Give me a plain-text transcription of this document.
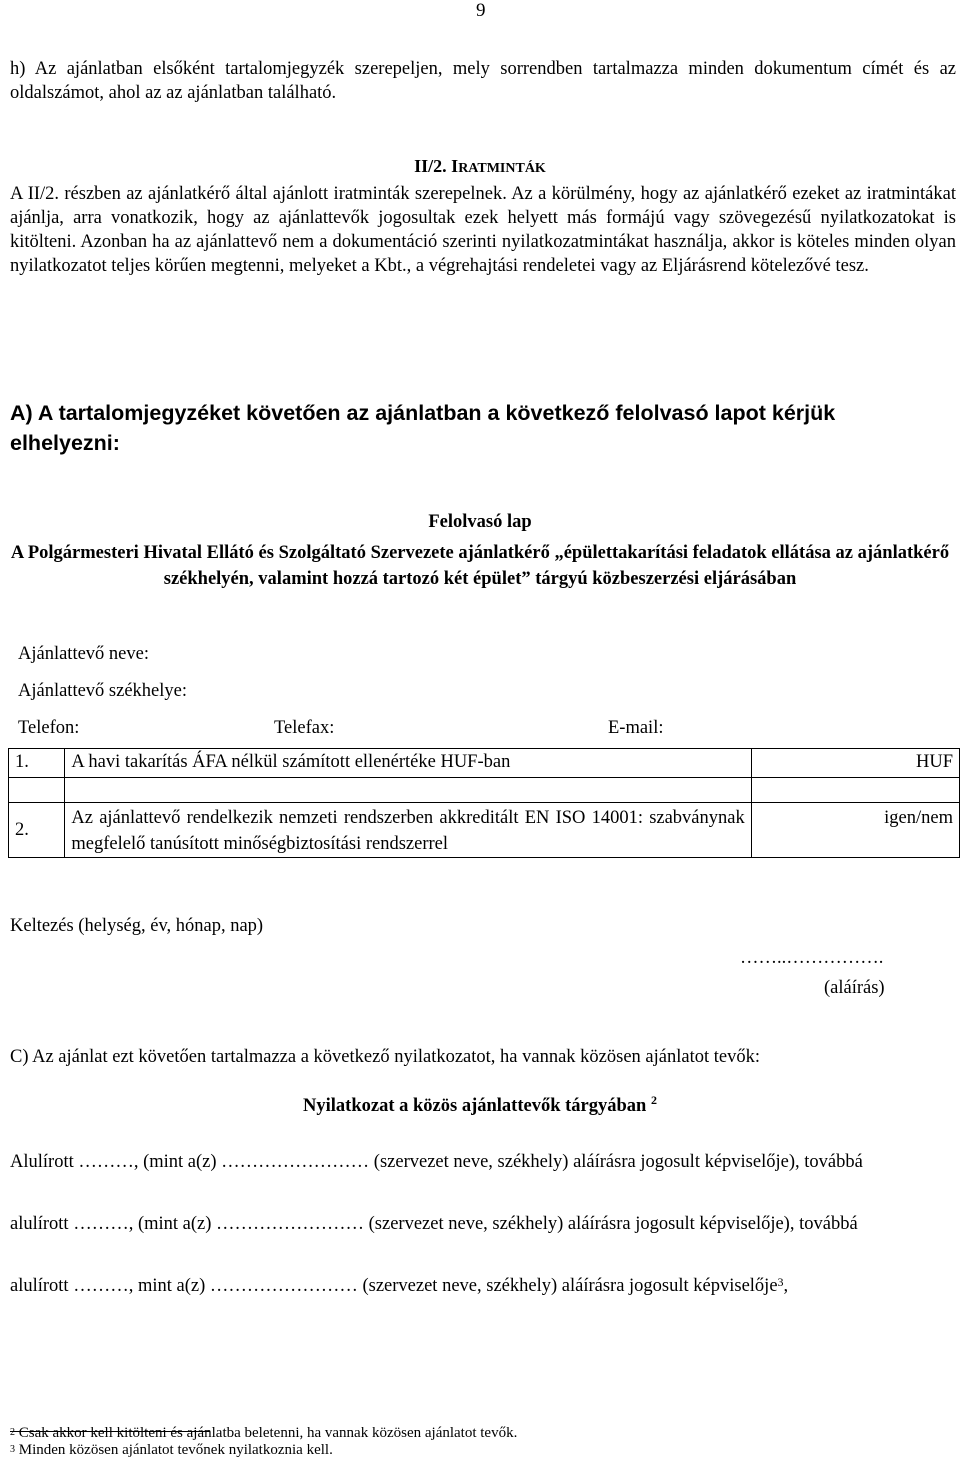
9
h) Az ajánlatban elsőként tartalomjegyzék szerepeljen, mely sorrendben tartalmazza minden dokumentum címét és az oldalszámot, ahol az az ajánlatban található.
II/2. IRATMINTÁK
A II/2. részben az ajánlatkérő által ajánlott iratminták szerepelnek. Az a körülmény, hogy az ajánlatkérő ezeket az iratmintákat ajánlja, arra vonatkozik, hogy az ajánlattevők jogosultak ezek helyett más formájú vagy szövegezésű nyilatkozatokat is kitölteni. Azonban ha az ajánlattevő nem a dokumentáció szerinti nyilatkozatmintákat használja, akkor is köteles minden olyan nyilatkozatot teljes körűen megtenni, melyeket a Kbt., a végrehajtási rendeletei vagy az Eljárásrend kötelezővé tesz.
A) A tartalomjegyzéket követően az ajánlatban a következő felolvasó lapot kérjük elhelyezni:
Felolvasó lap
A Polgármesteri Hivatal Ellátó és Szolgáltató Szervezete ajánlatkérő „épülettakarítási feladatok ellátása az ajánlatkérő székhelyén, valamint hozzá tartozó két épület” tárgyú közbeszerzési eljárásában
Ajánlattevő neve:
Ajánlattevő székhelye:
Telefon:	Telefax:	E-mail:
1.	A havi takarítás ÁFA nélkül számított ellenértéke HUF-ban	HUF

2.	Az ajánlattevő rendelkezik nemzeti rendszerben akkreditált EN ISO 14001: szabványnak megfelelő tanúsított minőségbiztosítási rendszerrel	igen/nem
Keltezés (helység, év, hónap, nap)
……..…………….
(aláírás)
C) Az ajánlat ezt követően tartalmazza a következő nyilatkozatot, ha vannak közösen ajánlatot tevők:
Nyilatkozat a közös ajánlattevők tárgyában $^2$
Alulírott ………, (mint a(z) …………………… (szervezet neve, székhely) aláírásra jogosult képviselője), továbbá
alulírott ………, (mint a(z) …………………… (szervezet neve, székhely) aláírásra jogosult képviselője), továbbá
alulírott ………, mint a(z) …………………… (szervezet neve, székhely) aláírásra jogosult képviselője$^3$,
$^2$ Csak akkor kell kitölteni és ajánlatba beletenni, ha vannak közösen ajánlatot tevők.
$^3$ Minden közösen ajánlatot tevőnek nyilatkoznia kell.
